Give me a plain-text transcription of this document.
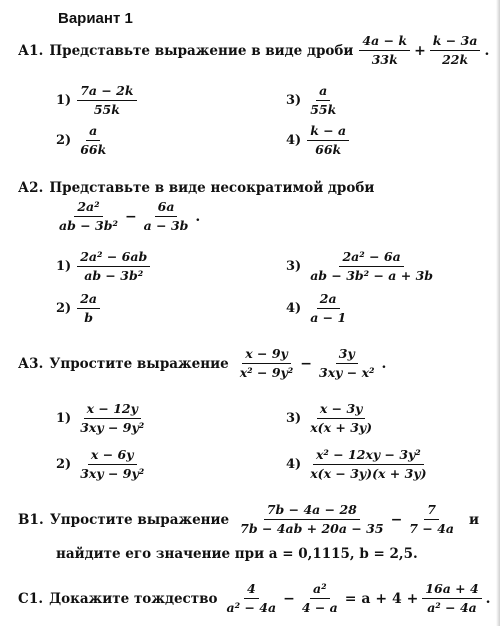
Вариант 1
А1. Представьте выражение в виде дроби $\frac{4a - k}{33k} + \frac{k - 3a}{22k}$ .
$1) \frac{7a - 2k}{55k}$	$3) \frac{a}{55k}$
$2) \frac{a}{66k}$	$4) \frac{k - a}{66k}$
А2. Представьте в виде несократимой дроби
$\frac{\text{2a²}}{\text{ab − 3b²}} - \frac{6a}{a - 3b}$ .
$1) \frac{\text{2a² − 6ab}}{\text{ab − 3b²}}$	$3) \frac{\text{2a² − 6a}}{\text{ab − 3b² − a + 3b}}$
$2) \frac{2a}{b}$	$4) \frac{2a}{a - 1}$
А3. Упростите выражение $\frac{x - 9y}{\text{x² − 9y²}} - \frac{3y}{\text{3xy − x²}}$ .
$1) \frac{x - 12y}{\text{3xy − 9y²}}$	$3) \frac{x - 3y}{x(x + 3y)}$
$2) \frac{x - 6y}{\text{3xy − 9y²}}$	$4) \frac{\text{x² − 12xy − 3y²}}{x(x - 3y)(x + 3y)}$
В1. Упростите выражение $\frac{7b - 4a - 28}{7b - 4ab + 20a - 35} - \frac{7}{7 - 4a}$ и
найдите его значение при a = 0,1115, b = 2,5.
С1. Докажите тождество $\frac{4}{\text{a² − 4a}} - \frac{\text{a²}}{4 - a} = a + 4 + \frac{16a + 4}{\text{a² − 4a}}$ .
